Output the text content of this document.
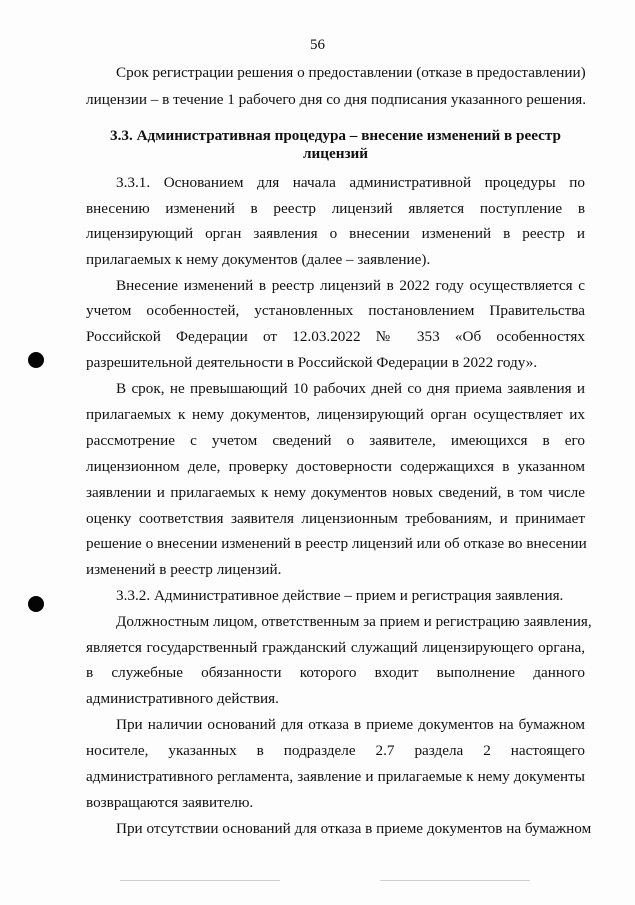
56
Срок регистрации решения о предоставлении (отказе в предоставлении)
лицензии – в течение 1 рабочего дня со дня подписания указанного решения.
3.3. Административная процедура – внесение изменений в реестр
лицензий
3.3.1. Основанием для начала административной процедуры по
внесению изменений в реестр лицензий является поступление в
лицензирующий орган заявления о внесении изменений в реестр и
прилагаемых к нему документов (далее – заявление).
Внесение изменений в реестр лицензий в 2022 году осуществляется с
учетом особенностей, установленных постановлением Правительства
Российской Федерации от 12.03.2022 № 353 «Об особенностях
разрешительной деятельности в Российской Федерации в 2022 году».
В срок, не превышающий 10 рабочих дней со дня приема заявления и
прилагаемых к нему документов, лицензирующий орган осуществляет их
рассмотрение с учетом сведений о заявителе, имеющихся в его
лицензионном деле, проверку достоверности содержащихся в указанном
заявлении и прилагаемых к нему документов новых сведений, в том числе
оценку соответствия заявителя лицензионным требованиям, и принимает
решение о внесении изменений в реестр лицензий или об отказе во внесении
изменений в реестр лицензий.
3.3.2. Административное действие – прием и регистрация заявления.
Должностным лицом, ответственным за прием и регистрацию заявления,
является государственный гражданский служащий лицензирующего органа,
в служебные обязанности которого входит выполнение данного
административного действия.
При наличии оснований для отказа в приеме документов на бумажном
носителе, указанных в подразделе 2.7 раздела 2 настоящего
административного регламента, заявление и прилагаемые к нему документы
возвращаются заявителю.
При отсутствии оснований для отказа в приеме документов на бумажном
